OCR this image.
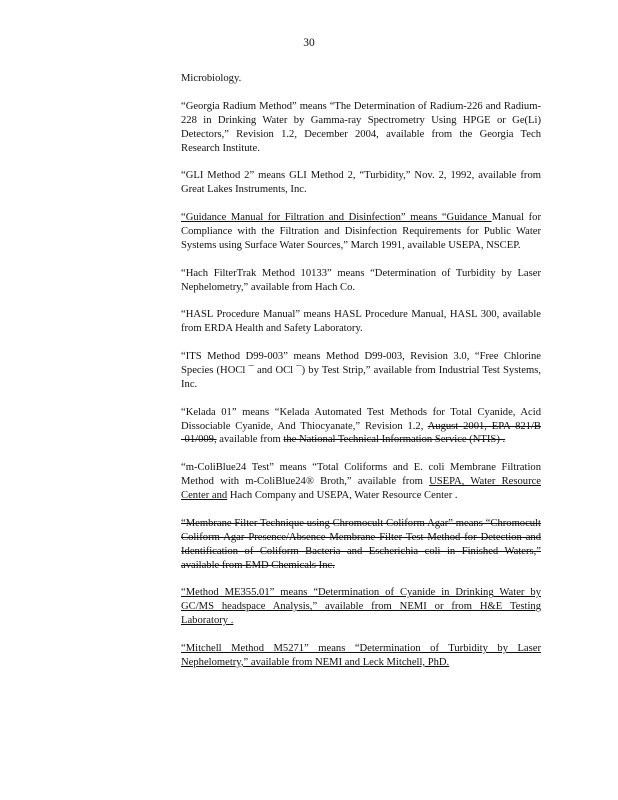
30

Microbiology.

“Georgia Radium Method” means “The Determination of Radium-226 and Radium-228 in Drinking Water by Gamma-ray Spectrometry Using HPGE or Ge(Li) Detectors,” Revision 1.2, December 2004, available from the Georgia Tech Research Institute.

“GLI Method 2” means GLI Method 2, “Turbidity,” Nov. 2, 1992, available from Great Lakes Instruments, Inc.

“Guidance Manual for Filtration and Disinfection” means “Guidance Manual for Compliance with the Filtration and Disinfection Requirements for Public Water Systems using Surface Water Sources,” March 1991, available USEPA, NSCEP.

“Hach FilterTrak Method 10133” means “Determination of Turbidity by Laser Nephelometry,” available from Hach Co.

“HASL Procedure Manual” means HASL Procedure Manual, HASL 300, available from ERDA Health and Safety Laboratory.

“ITS Method D99-003” means Method D99-003, Revision 3.0, “Free Chlorine Species (HOCl ¯ and OCl ¯) by Test Strip,” available from Industrial Test Systems, Inc.

“Kelada 01” means “Kelada Automated Test Methods for Total Cyanide, Acid Dissociable Cyanide, And Thiocyanate,” Revision 1.2, August 2001, EPA 821/B -01/009, available from the National Technical Information Service (NTIS) .

“m-ColiBlue24 Test” means “Total Coliforms and E. coli Membrane Filtration Method with m-ColiBlue24® Broth,” available from USEPA, Water Resource Center and Hach Company and USEPA, Water Resource Center .

“Membrane Filter Technique using Chromocult Coliform Agar” means “Chromocult Coliform Agar Presence/Absence Membrane Filter Test Method for Detection and Identification of Coliform Bacteria and Escherichia coli in Finished Waters,” available from EMD Chemicals Inc.

“Method ME355.01” means “Determination of Cyanide in Drinking Water by GC/MS headspace Analysis,” available from NEMI or from H&E Testing Laboratory .

“Mitchell Method M5271” means “Determination of Turbidity by Laser Nephelometry,” available from NEMI and Leck Mitchell, PhD.
